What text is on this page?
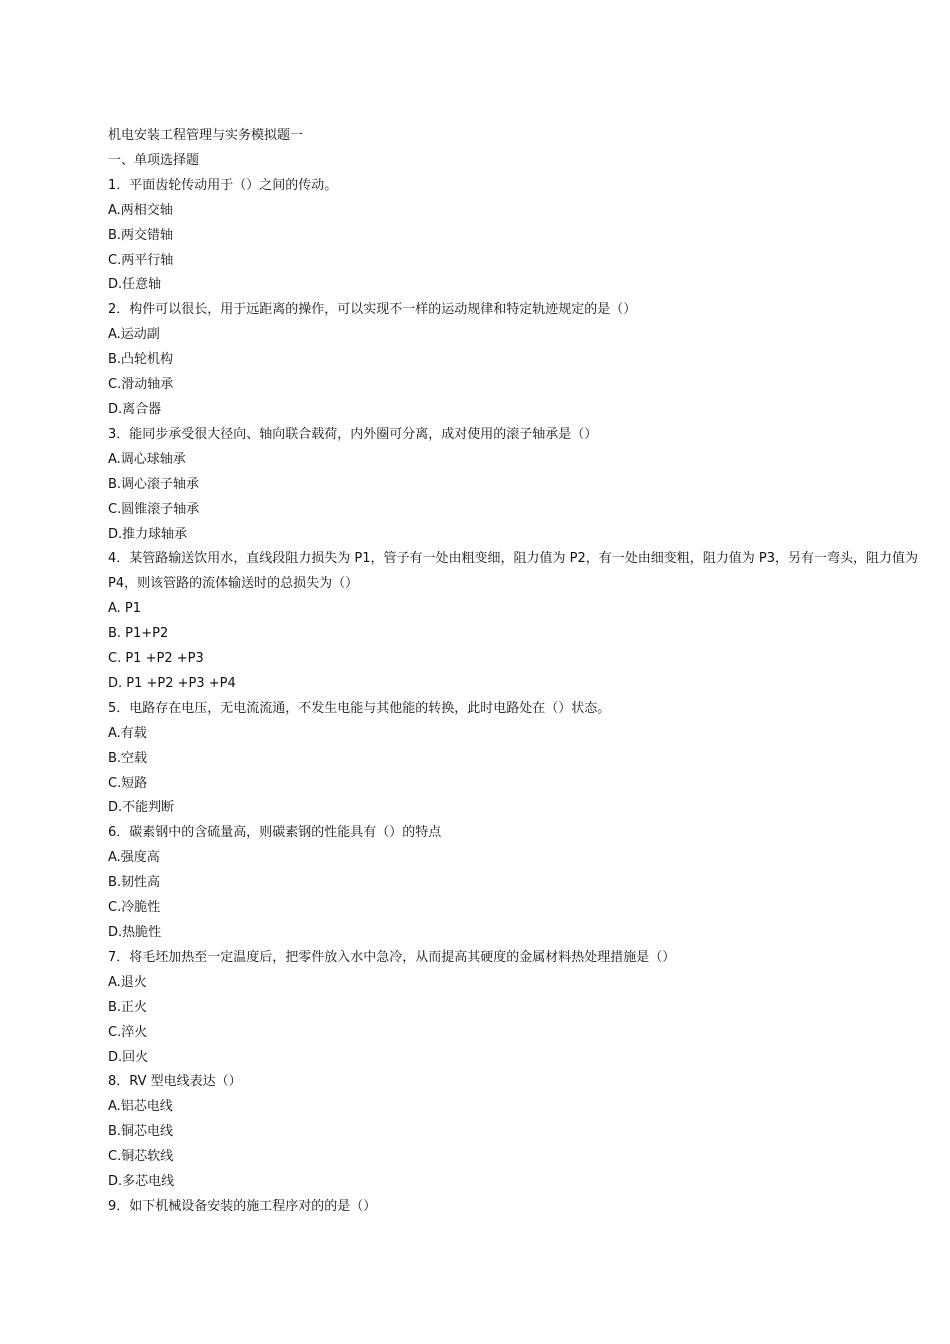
机电安装工程管理与实务模拟题一
一、单项选择题
1．平面齿轮传动用于（）之间的传动。
A.两相交轴
B.两交错轴
C.两平行轴
D.任意轴
2．构件可以很长，用于远距离的操作，可以实现不一样的运动规律和特定轨迹规定的是（）
A.运动副
B.凸轮机构
C.滑动轴承
D.离合器
3．能同步承受很大径向、轴向联合载荷，内外圈可分离，成对使用的滚子轴承是（）
A.调心球轴承
B.调心滚子轴承
C.圆锥滚子轴承
D.推力球轴承
4．某管路输送饮用水，直线段阻力损失为 P1，管子有一处由粗变细，阻力值为 P2，有一处由细变粗，阻力值为 P3，另有一弯头，阻力值为 P4，则该管路的流体输送时的总损失为（）
A. P1
B. P1+P2
C. P1 +P2 +P3
D. P1 +P2 +P3 +P4
5．电路存在电压，无电流流通，不发生电能与其他能的转换，此时电路处在（）状态。
A.有载
B.空载
C.短路
D.不能判断
6．碳素钢中的含硫量高，则碳素钢的性能具有（）的特点
A.强度高
B.韧性高
C.冷脆性
D.热脆性
7．将毛坯加热至一定温度后，把零件放入水中急冷，从而提高其硬度的金属材料热处理措施是（）
A.退火
B.正火
C.淬火
D.回火
8．RV 型电线表达（）
A.铝芯电线
B.铜芯电线
C.铜芯软线
D.多芯电线
9．如下机械设备安装的施工程序对的的是（）
